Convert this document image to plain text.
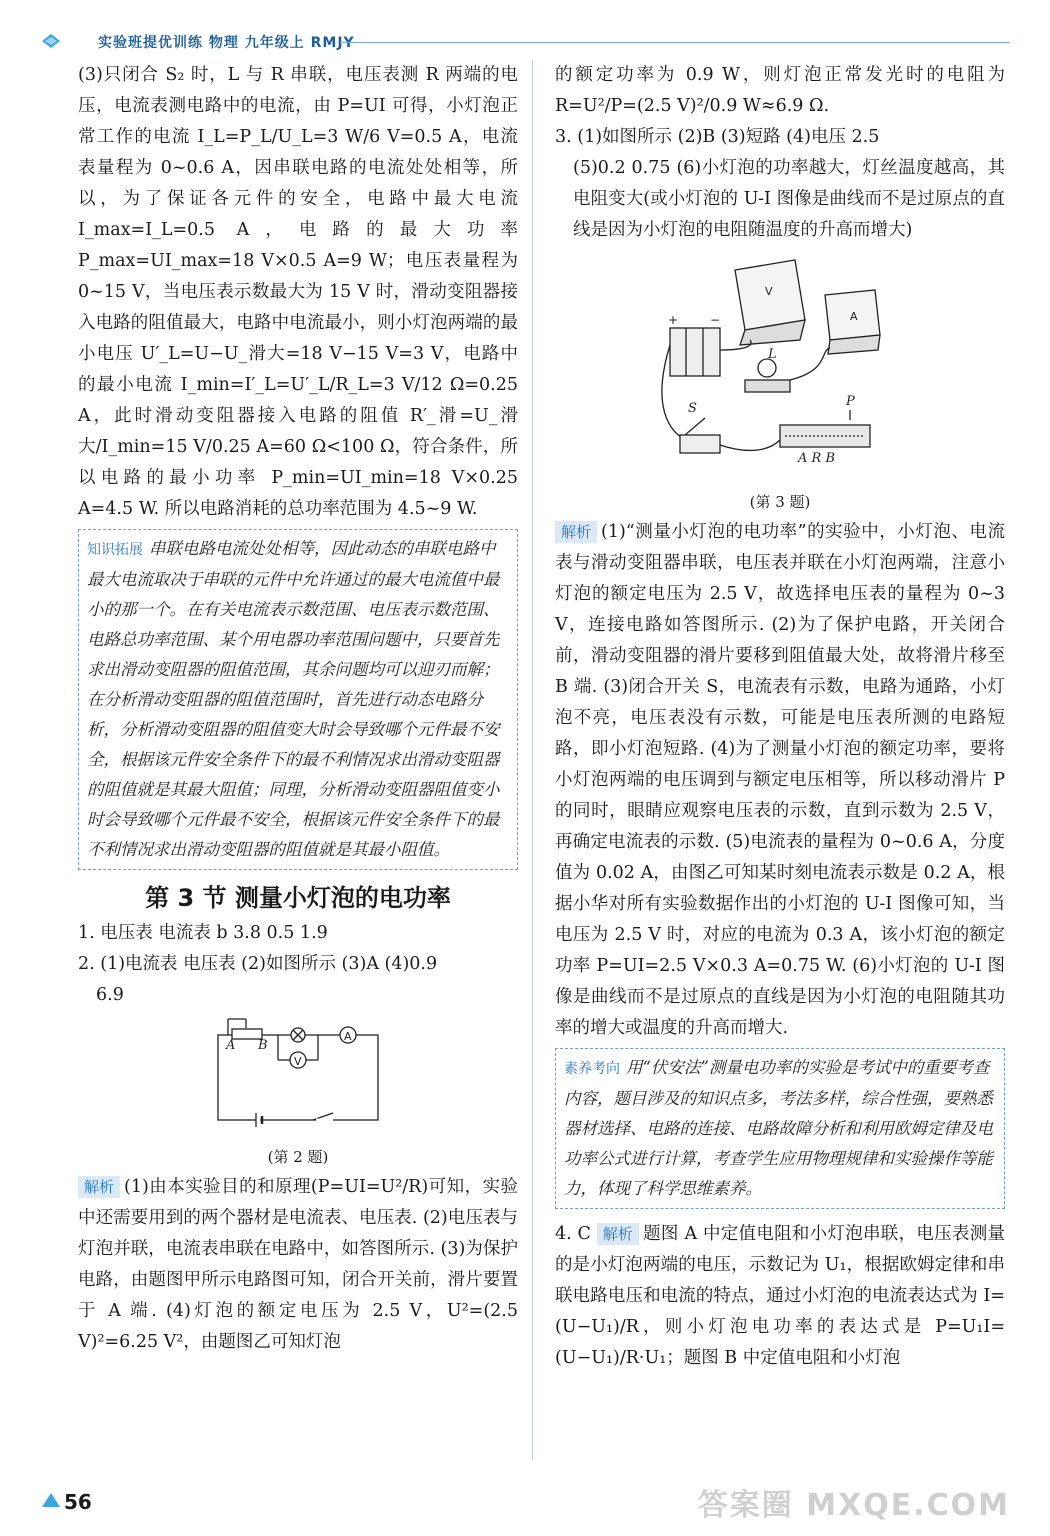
实验班提优训练 物理 九年级上 RMJY

(3)只闭合 S₂ 时，L 与 R 串联，电压表测 R 两端的电压，电流表测电路中的电流，由 P=UI 可得，小灯泡正常工作的电流 I_L=P_L/U_L=3 W/6 V=0.5 A，电流表量程为 0~0.6 A，因串联电路的电流处处相等，所以，为了保证各元件的安全，电路中最大电流 I_max=I_L=0.5 A，电路的最大功率 P_max=UI_max=18 V×0.5 A=9 W；电压表量程为 0~15 V，当电压表示数最大为 15 V 时，滑动变阻器接入电路的阻值最大，电路中电流最小，则小灯泡两端的最小电压 U′_L=U−U_滑大=18 V−15 V=3 V，电路中的最小电流 I_min=I′_L=U′_L/R_L=3 V/12 Ω=0.25 A，此时滑动变阻器接入电路的阻值 R′_滑=U_滑大/I_min=15 V/0.25 A=60 Ω<100 Ω，符合条件，所以电路的最小功率 P_min=UI_min=18 V×0.25 A=4.5 W. 所以电路消耗的总功率范围为 4.5~9 W.

知识拓展 串联电路电流处处相等，因此动态的串联电路中最大电流取决于串联的元件中允许通过的最大电流值中最小的那一个。在有关电流表示数范围、电压表示数范围、电路总功率范围、某个用电器功率范围问题中，只要首先求出滑动变阻器的阻值范围，其余问题均可以迎刃而解；在分析滑动变阻器的阻值范围时，首先进行动态电路分析，分析滑动变阻器的阻值变大时会导致哪个元件最不安全，根据该元件安全条件下的最不利情况求出滑动变阻器的阻值就是其最大阻值；同理，分析滑动变阻器阻值变小时会导致哪个元件最不安全，根据该元件安全条件下的最不利情况求出滑动变阻器的阻值就是其最小阻值。
第 3 节 测量小灯泡的电功率

1. 电压表 电流表 b 3.8 0.5 1.9

2. (1)电流表 电压表 (2)如图所示 (3)A (4)0.9

6.9

A B
V
A
(第 2 题)

解析 (1)由本实验目的和原理(P=UI=U²/R)可知，实验中还需要用到的两个器材是电流表、电压表. (2)电压表与灯泡并联，电流表串联在电路中，如答图所示. (3)为保护电路，由题图甲所示电路图可知，闭合开关前，滑片要置于 A 端. (4)灯泡的额定电压为 2.5 V，U²=(2.5 V)²=6.25 V²，由题图乙可知灯泡

的额定功率为 0.9 W，则灯泡正常发光时的电阻为 R=U²/P=(2.5 V)²/0.9 W≈6.9 Ω.

3. (1)如图所示 (2)B (3)短路 (4)电压 2.5

(5)0.2 0.75 (6)小灯泡的功率越大，灯丝温度越高，其电阻变大(或小灯泡的 U-I 图像是曲线而不是过原点的直线是因为小灯泡的电阻随温度的升高而增大)

V
A
L
S	P
A R B
+	−
(第 3 题)

解析 (1)“测量小灯泡的电功率”的实验中，小灯泡、电流表与滑动变阻器串联，电压表并联在小灯泡两端，注意小灯泡的额定电压为 2.5 V，故选择电压表的量程为 0~3 V，连接电路如答图所示. (2)为了保护电路，开关闭合前，滑动变阻器的滑片要移到阻值最大处，故将滑片移至 B 端. (3)闭合开关 S，电流表有示数，电路为通路，小灯泡不亮，电压表没有示数，可能是电压表所测的电路短路，即小灯泡短路. (4)为了测量小灯泡的额定功率，要将小灯泡两端的电压调到与额定电压相等，所以移动滑片 P 的同时，眼睛应观察电压表的示数，直到示数为 2.5 V，再确定电流表的示数. (5)电流表的量程为 0~0.6 A，分度值为 0.02 A，由图乙可知某时刻电流表示数是 0.2 A，根据小华对所有实验数据作出的小灯泡的 U-I 图像可知，当电压为 2.5 V 时，对应的电流为 0.3 A，该小灯泡的额定功率 P=UI=2.5 V×0.3 A=0.75 W. (6)小灯泡的 U-I 图像是曲线而不是过原点的直线是因为小灯泡的电阻随其功率的增大或温度的升高而增大.

素养考向 用“伏安法”测量电功率的实验是考试中的重要考查内容，题目涉及的知识点多，考法多样，综合性强，要熟悉器材选择、电路的连接、电路故障分析和利用欧姆定律及电功率公式进行计算，考查学生应用物理规律和实验操作等能力，体现了科学思维素养。

4. C 解析 题图 A 中定值电阻和小灯泡串联，电压表测量的是小灯泡两端的电压，示数记为 U₁，根据欧姆定律和串联电路电压和电流的特点，通过小灯泡的电流表达式为 I=(U−U₁)/R，则小灯泡电功率的表达式是 P=U₁I=(U−U₁)/R·U₁；题图 B 中定值电阻和小灯泡

56	答案圈 MXQE.COM
